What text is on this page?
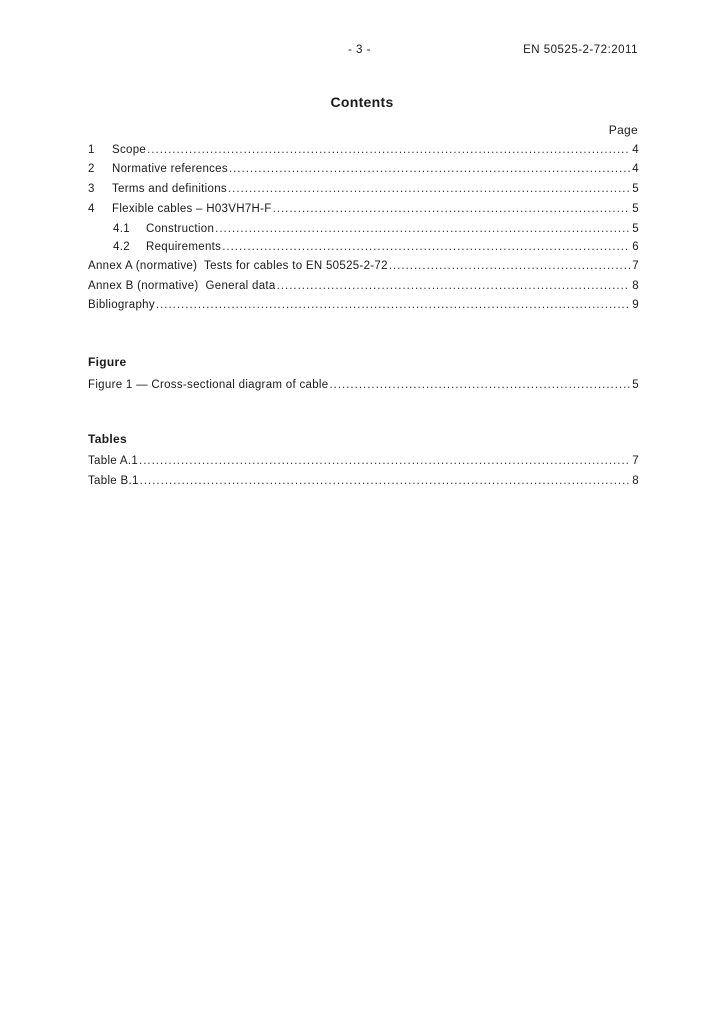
- 3 -	EN 50525-2-72:2011
Contents
Page
1	Scope .....	4
2	Normative references .....	4
3	Terms and definitions .....	5
4	Flexible cables – H03VH7H-F .....	5
4.1	Construction .....	5
4.2	Requirements .....	6
Annex A (normative)  Tests for cables to EN 50525-2-72 .....	7
Annex B (normative)  General data .....	8
Bibliography .....	9
Figure
Figure 1 — Cross-sectional diagram of cable .....	5
Tables
Table A.1 .....	7
Table B.1 .....	8
